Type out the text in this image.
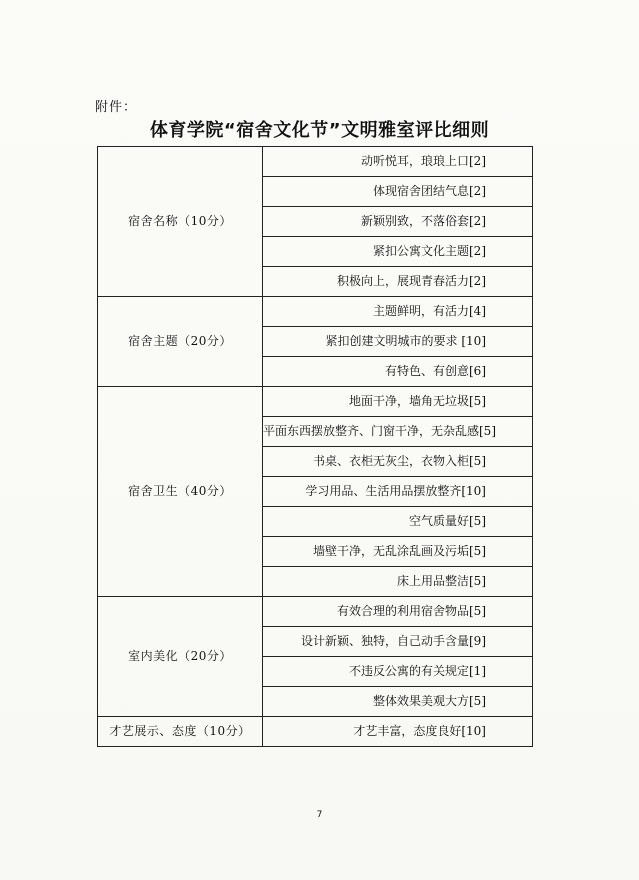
附件：
体育学院“宿舍文化节”文明雅室评比细则
宿舍名称（10分）	动听悦耳，琅琅上口[2]
	体现宿舍团结气息[2]
	新颖别致，不落俗套[2]
	紧扣公寓文化主题[2]
	积极向上，展现青春活力[2]
宿舍主题（20分）	主题鲜明，有活力[4]
	紧扣创建文明城市的要求 [10]
	有特色、有创意[6]
宿舍卫生（40分）	地面干净，墙角无垃圾[5]
	平面东西摆放整齐、门窗干净，无杂乱感[5]
	书桌、衣柜无灰尘，衣物入柜[5]
	学习用品、生活用品摆放整齐[10]
	空气质量好[5]
	墙壁干净，无乱涂乱画及污垢[5]
	床上用品整洁[5]
室内美化（20分）	有效合理的利用宿舍物品[5]
	设计新颖、独特，自己动手含量[9]
	不违反公寓的有关规定[1]
	整体效果美观大方[5]
才艺展示、态度（10分）	才艺丰富，态度良好[10]
7
